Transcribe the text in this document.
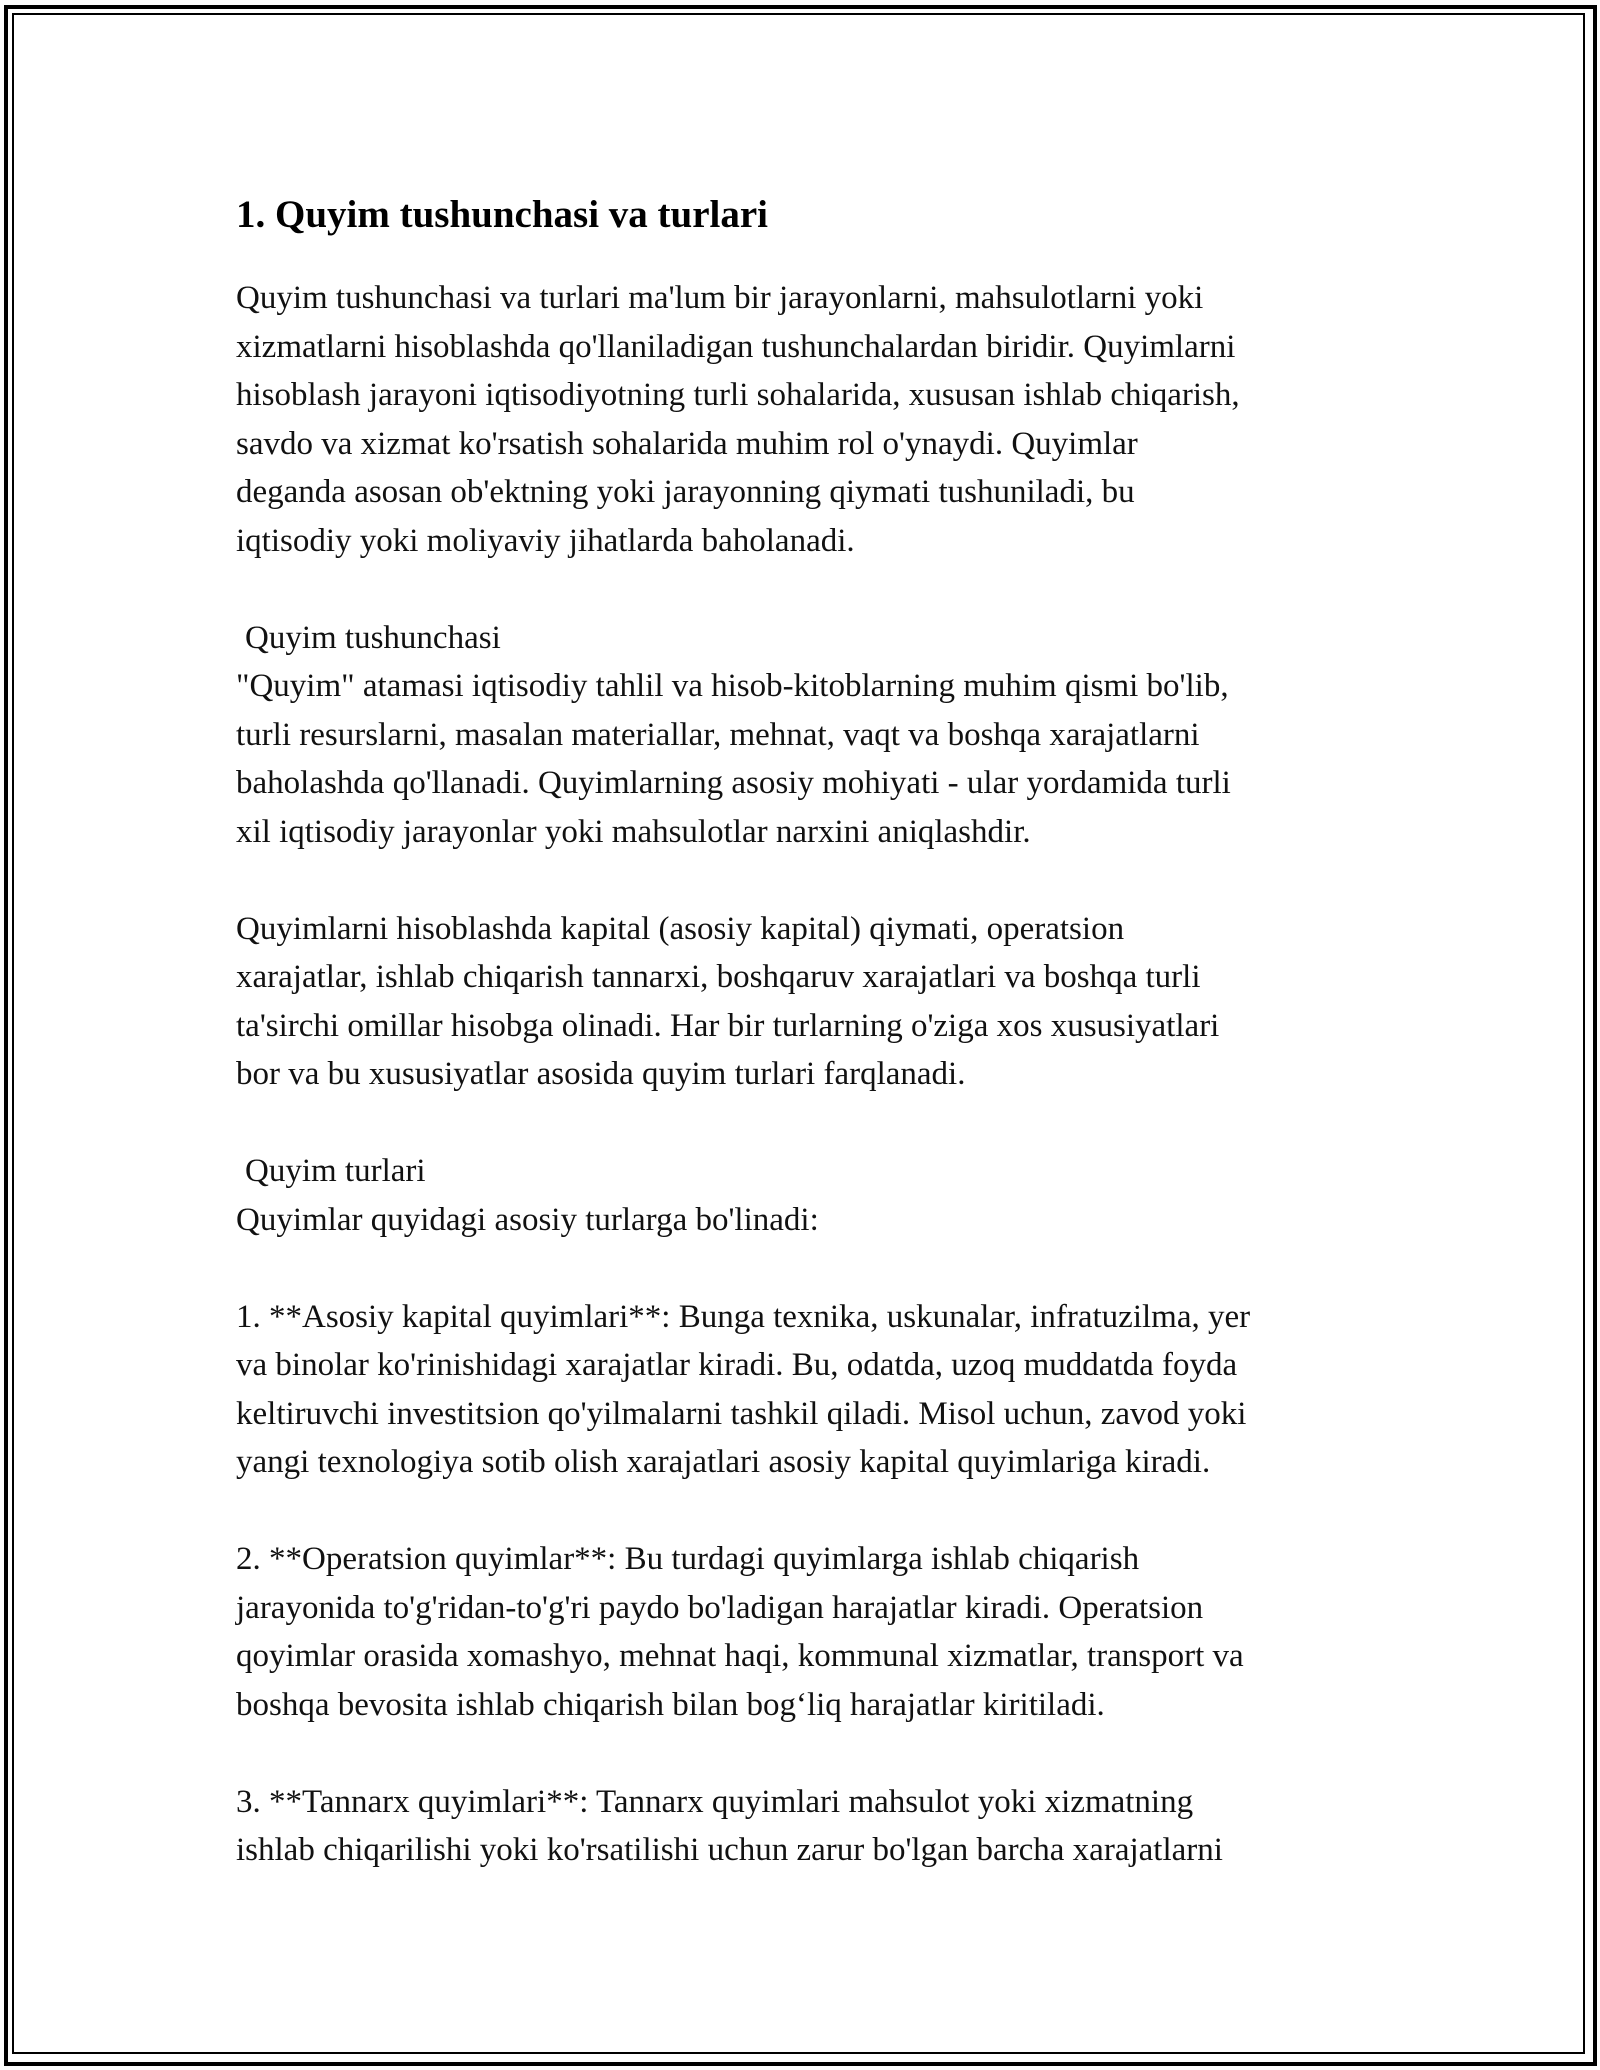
1. Quyim tushunchasi va turlari

Quyim tushunchasi va turlari ma'lum bir jarayonlarni, mahsulotlarni yoki
xizmatlarni hisoblashda qo'llaniladigan tushunchalardan biridir. Quyimlarni
hisoblash jarayoni iqtisodiyotning turli sohalarida, xususan ishlab chiqarish,
savdo va xizmat ko'rsatish sohalarida muhim rol o'ynaydi. Quyimlar
deganda asosan ob'ektning yoki jarayonning qiymati tushuniladi, bu
iqtisodiy yoki moliyaviy jihatlarda baholanadi.

Quyim tushunchasi

"Quyim" atamasi iqtisodiy tahlil va hisob-kitoblarning muhim qismi bo'lib,
turli resurslarni, masalan materiallar, mehnat, vaqt va boshqa xarajatlarni
baholashda qo'llanadi. Quyimlarning asosiy mohiyati - ular yordamida turli
xil iqtisodiy jarayonlar yoki mahsulotlar narxini aniqlashdir.

Quyimlarni hisoblashda kapital (asosiy kapital) qiymati, operatsion
xarajatlar, ishlab chiqarish tannarxi, boshqaruv xarajatlari va boshqa turli
ta'sirchi omillar hisobga olinadi. Har bir turlarning o'ziga xos xususiyatlari
bor va bu xususiyatlar asosida quyim turlari farqlanadi.

Quyim turlari

Quyimlar quyidagi asosiy turlarga bo'linadi:

1. **Asosiy kapital quyimlari**: Bunga texnika, uskunalar, infratuzilma, yer
va binolar ko'rinishidagi xarajatlar kiradi. Bu, odatda, uzoq muddatda foyda
keltiruvchi investitsion qo'yilmalarni tashkil qiladi. Misol uchun, zavod yoki
yangi texnologiya sotib olish xarajatlari asosiy kapital quyimlariga kiradi.

2. **Operatsion quyimlar**: Bu turdagi quyimlarga ishlab chiqarish
jarayonida to'g'ridan-to'g'ri paydo bo'ladigan harajatlar kiradi. Operatsion
qoyimlar orasida xomashyo, mehnat haqi, kommunal xizmatlar, transport va
boshqa bevosita ishlab chiqarish bilan bog‘liq harajatlar kiritiladi.

3. **Tannarx quyimlari**: Tannarx quyimlari mahsulot yoki xizmatning
ishlab chiqarilishi yoki ko'rsatilishi uchun zarur bo'lgan barcha xarajatlarni
